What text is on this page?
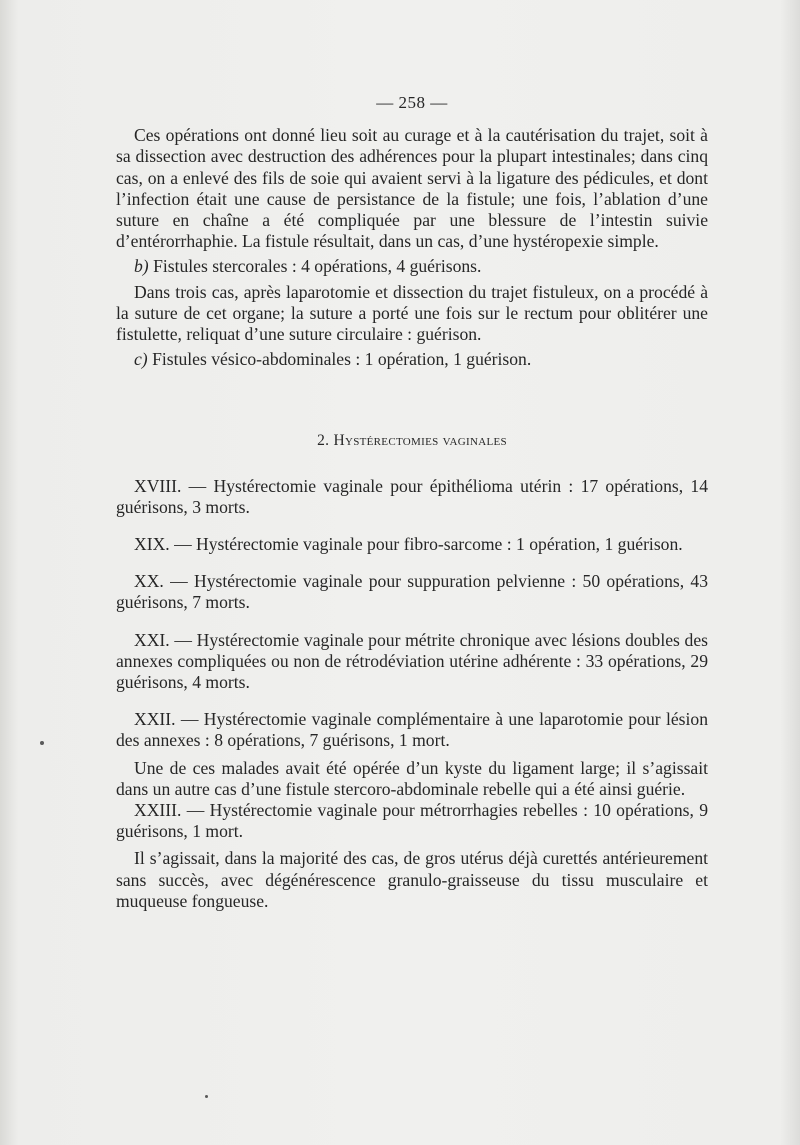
— 258 —

Ces opérations ont donné lieu soit au curage et à la cautérisation du trajet, soit à sa dissection avec destruction des adhérences pour la plupart intestinales; dans cinq cas, on a enlevé des fils de soie qui avaient servi à la ligature des pédicules, et dont l’infection était une cause de persistance de la fistule; une fois, l’ablation d’une suture en chaîne a été compliquée par une blessure de l’intestin suivie d’entérorrhaphie. La fistule résultait, dans un cas, d’une hystéropexie simple.

b) Fistules stercorales : 4 opérations, 4 guérisons.

Dans trois cas, après laparotomie et dissection du trajet fistuleux, on a procédé à la suture de cet organe; la suture a porté une fois sur le rectum pour oblitérer une fistulette, reliquat d’une suture circulaire : guérison.

c) Fistules vésico-abdominales : 1 opération, 1 guérison.

2. Hystérectomies vaginales

XVIII. — Hystérectomie vaginale pour épithélioma utérin : 17 opérations, 14 guérisons, 3 morts.

XIX. — Hystérectomie vaginale pour fibro-sarcome : 1 opération, 1 guérison.

XX. — Hystérectomie vaginale pour suppuration pelvienne : 50 opérations, 43 guérisons, 7 morts.

XXI. — Hystérectomie vaginale pour métrite chronique avec lésions doubles des annexes compliquées ou non de rétrodéviation utérine adhérente : 33 opérations, 29 guérisons, 4 morts.

XXII. — Hystérectomie vaginale complémentaire à une laparotomie pour lésion des annexes : 8 opérations, 7 guérisons, 1 mort.

Une de ces malades avait été opérée d’un kyste du ligament large; il s’agissait dans un autre cas d’une fistule stercoro-abdominale rebelle qui a été ainsi guérie.

XXIII. — Hystérectomie vaginale pour métrorrhagies rebelles : 10 opérations, 9 guérisons, 1 mort.

Il s’agissait, dans la majorité des cas, de gros utérus déjà curettés antérieurement sans succès, avec dégénérescence granulo-graisseuse du tissu musculaire et muqueuse fongueuse.
